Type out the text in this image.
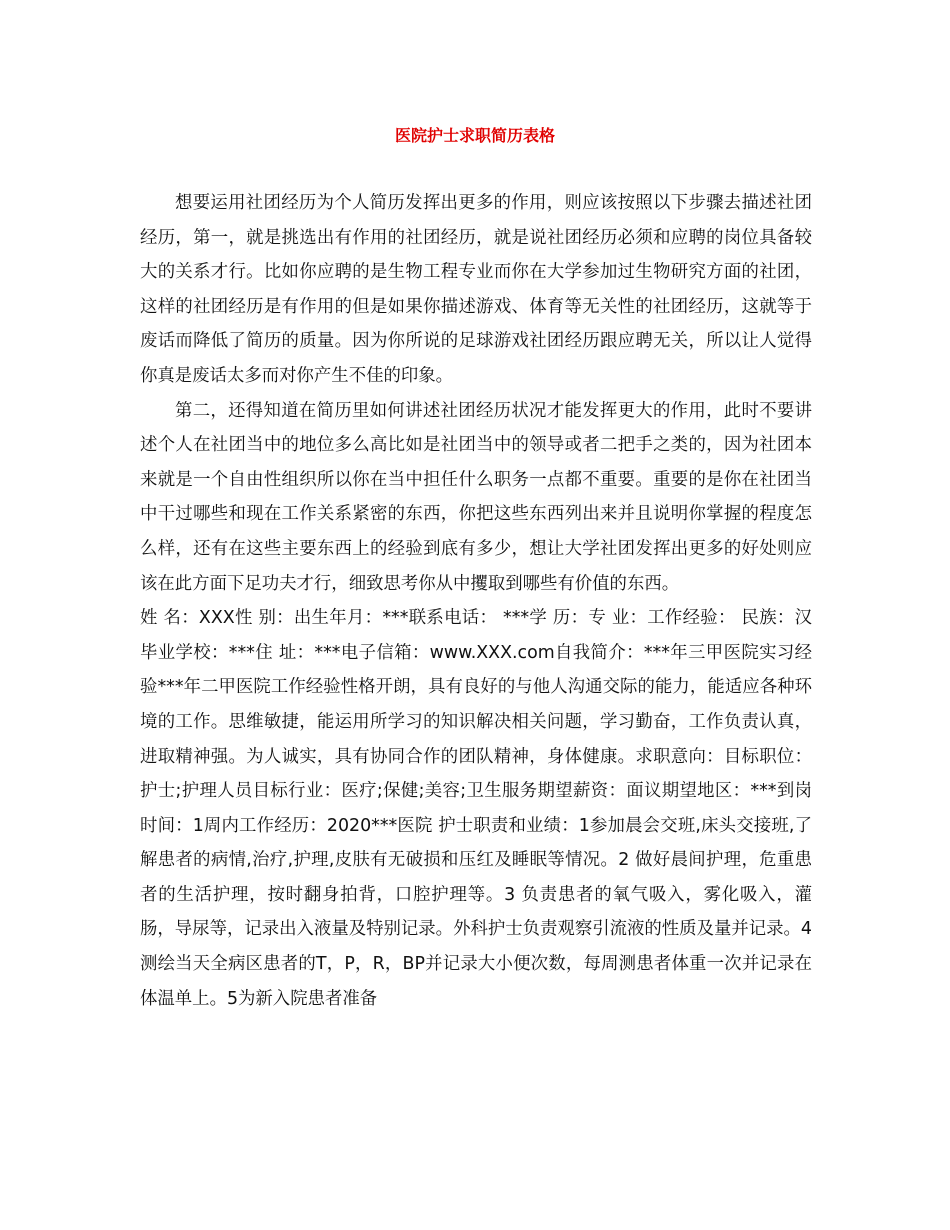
医院护士求职简历表格

想要运用社团经历为个人简历发挥出更多的作用，则应该按照以下步骤去描述社团经历，第一，就是挑选出有作用的社团经历，就是说社团经历必须和应聘的岗位具备较大的关系才行。比如你应聘的是生物工程专业而你在大学参加过生物研究方面的社团，这样的社团经历是有作用的但是如果你描述游戏、体育等无关性的社团经历，这就等于废话而降低了简历的质量。因为你所说的足球游戏社团经历跟应聘无关，所以让人觉得你真是废话太多而对你产生不佳的印象。

第二，还得知道在简历里如何讲述社团经历状况才能发挥更大的作用，此时不要讲述个人在社团当中的地位多么高比如是社团当中的领导或者二把手之类的，因为社团本来就是一个自由性组织所以你在当中担任什么职务一点都不重要。重要的是你在社团当中干过哪些和现在工作关系紧密的东西，你把这些东西列出来并且说明你掌握的程度怎么样，还有在这些主要东西上的经验到底有多少，想让大学社团发挥出更多的好处则应该在此方面下足功夫才行，细致思考你从中攫取到哪些有价值的东西。

姓 名：XXX性 别：出生年月：***联系电话： ***学 历：专 业：工作经验： 民族：汉毕业学校：***住 址：***电子信箱：www.XXX.com自我简介：***年三甲医院实习经验***年二甲医院工作经验性格开朗，具有良好的与他人沟通交际的能力，能适应各种环境的工作。思维敏捷，能运用所学习的知识解决相关问题，学习勤奋，工作负责认真，进取精神强。为人诚实，具有协同合作的团队精神，身体健康。求职意向：目标职位：护士;护理人员目标行业：医疗;保健;美容;卫生服务期望薪资：面议期望地区：***到岗时间：1周内工作经历：2020***医院 护士职责和业绩：1参加晨会交班,床头交接班,了解患者的病情,治疗,护理,皮肤有无破损和压红及睡眠等情况。2 做好晨间护理，危重患者的生活护理，按时翻身拍背，口腔护理等。3 负责患者的氧气吸入，雾化吸入，灌肠，导尿等，记录出入液量及特别记录。外科护士负责观察引流液的性质及量并记录。4测绘当天全病区患者的T，P，R，BP并记录大小便次数，每周测患者体重一次并记录在体温单上。5为新入院患者准备
